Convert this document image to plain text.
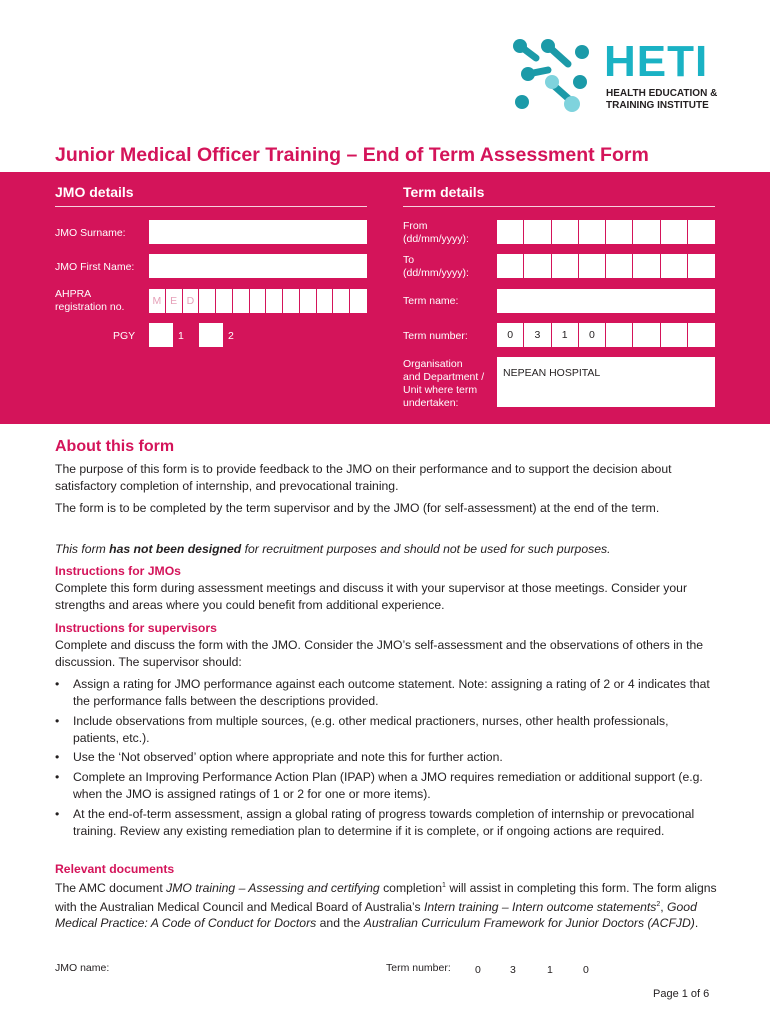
HETI
HEALTH EDUCATION &
TRAINING INSTITUTE
Junior Medical Officer Training – End of Term Assessment Form
JMO details
JMO Surname:
JMO First Name:
AHPRA
registration no.	M E D
PGY	1	2
Term details
From
(dd/mm/yyyy):
To
(dd/mm/yyyy):
Term name:
Term number:	0	3	1	0
Organisation
and Department /
Unit where term
undertaken:
NEPEAN HOSPITAL
About this form
The purpose of this form is to provide feedback to the JMO on their performance and to support the decision about satisfactory completion of internship, and prevocational training.
The form is to be completed by the term supervisor and by the JMO (for self-assessment) at the end of the term.
This form has not been designed for recruitment purposes and should not be used for such purposes.
Instructions for JMOs
Complete this form during assessment meetings and discuss it with your supervisor at those meetings. Consider your strengths and areas where you could benefit from additional experience.
Instructions for supervisors
Complete and discuss the form with the JMO. Consider the JMO’s self-assessment and the observations of others in the discussion. The supervisor should:
• Assign a rating for JMO performance against each outcome statement. Note: assigning a rating of 2 or 4 indicates that the performance falls between the descriptions provided.
• Include observations from multiple sources, (e.g. other medical practioners, nurses, other health professionals, patients, etc.).
• Use the ‘Not observed’ option where appropriate and note this for further action.
• Complete an Improving Performance Action Plan (IPAP) when a JMO requires remediation or additional support (e.g. when the JMO is assigned ratings of 1 or 2 for one or more items).
• At the end-of-term assessment, assign a global rating of progress towards completion of internship or prevocational training. Review any existing remediation plan to determine if it is complete, or if ongoing actions are required.
Relevant documents
The AMC document JMO training – Assessing and certifying completion$^1$ will assist in completing this form. The form aligns with the Australian Medical Council and Medical Board of Australia’s Intern training – Intern outcome statements$^2$, Good Medical Practice: A Code of Conduct for Doctors and the Australian Curriculum Framework for Junior Doctors (ACFJD).
JMO name:	Term number: 0	3	1	0
Page 1 of 6
